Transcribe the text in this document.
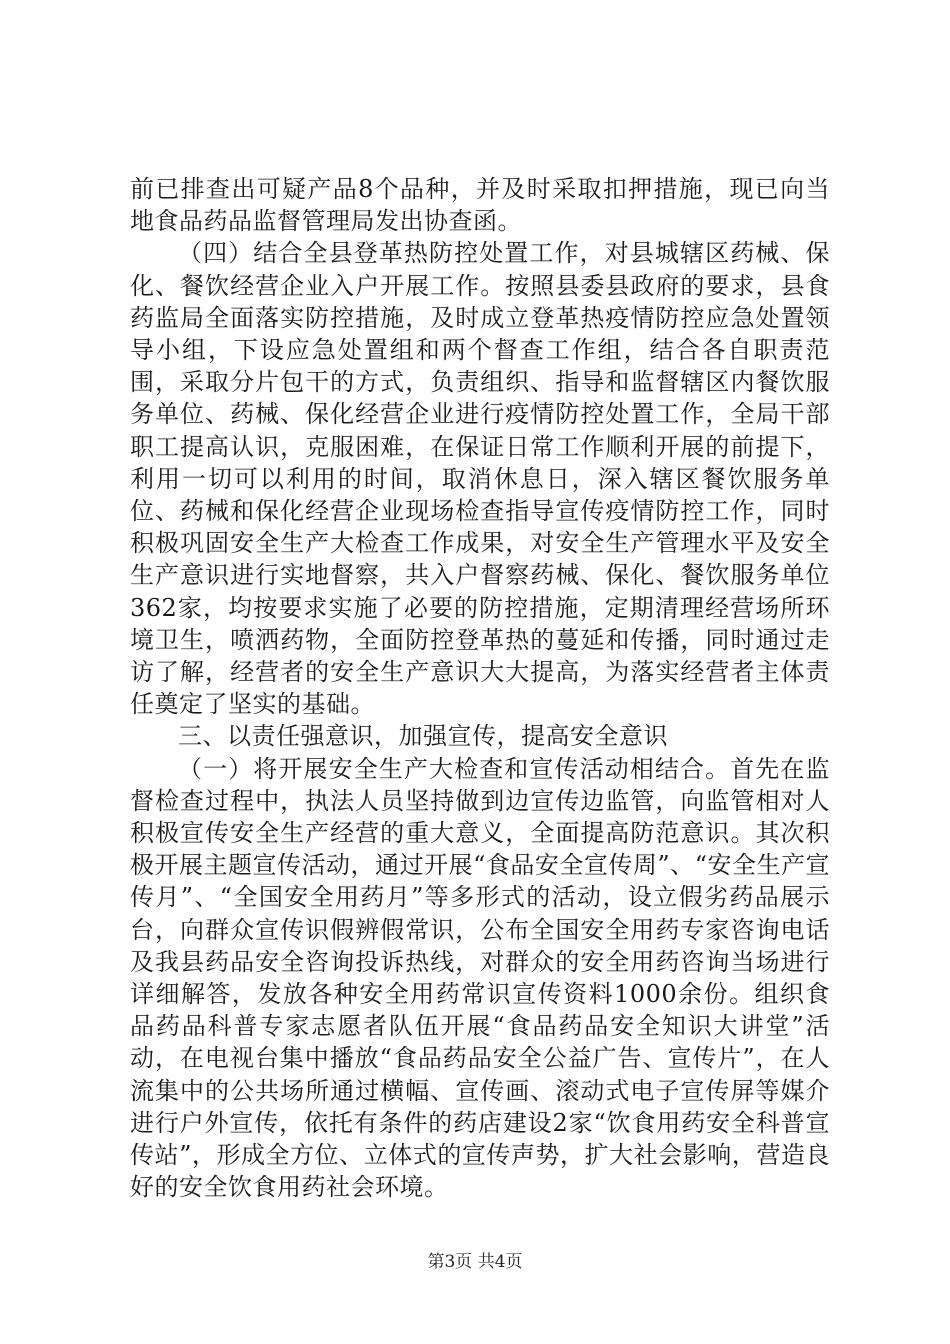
前已排查出可疑产品8个品种，并及时采取扣押措施，现已向当地食品药品监督管理局发出协查函。

（四）结合全县登革热防控处置工作，对县城辖区药械、保化、餐饮经营企业入户开展工作。按照县委县政府的要求，县食药监局全面落实防控措施，及时成立登革热疫情防控应急处置领导小组，下设应急处置组和两个督查工作组，结合各自职责范围，采取分片包干的方式，负责组织、指导和监督辖区内餐饮服务单位、药械、保化经营企业进行疫情防控处置工作，全局干部职工提高认识，克服困难，在保证日常工作顺利开展的前提下，利用一切可以利用的时间，取消休息日，深入辖区餐饮服务单位、药械和保化经营企业现场检查指导宣传疫情防控工作，同时积极巩固安全生产大检查工作成果，对安全生产管理水平及安全生产意识进行实地督察，共入户督察药械、保化、餐饮服务单位362家，均按要求实施了必要的防控措施，定期清理经营场所环境卫生，喷洒药物，全面防控登革热的蔓延和传播，同时通过走访了解，经营者的安全生产意识大大提高，为落实经营者主体责任奠定了坚实的基础。

三、以责任强意识，加强宣传，提高安全意识

（一）将开展安全生产大检查和宣传活动相结合。首先在监督检查过程中，执法人员坚持做到边宣传边监管，向监管相对人积极宣传安全生产经营的重大意义，全面提高防范意识。其次积极开展主题宣传活动，通过开展“食品安全宣传周”、“安全生产宣传月”、“全国安全用药月”等多形式的活动，设立假劣药品展示台，向群众宣传识假辨假常识，公布全国安全用药专家咨询电话及我县药品安全咨询投诉热线，对群众的安全用药咨询当场进行详细解答，发放各种安全用药常识宣传资料1000余份。组织食品药品科普专家志愿者队伍开展“食品药品安全知识大讲堂”活动，在电视台集中播放“食品药品安全公益广告、宣传片”，在人流集中的公共场所通过横幅、宣传画、滚动式电子宣传屏等媒介进行户外宣传，依托有条件的药店建设2家“饮食用药安全科普宣传站”，形成全方位、立体式的宣传声势，扩大社会影响，营造良好的安全饮食用药社会环境。

第3页 共4页
